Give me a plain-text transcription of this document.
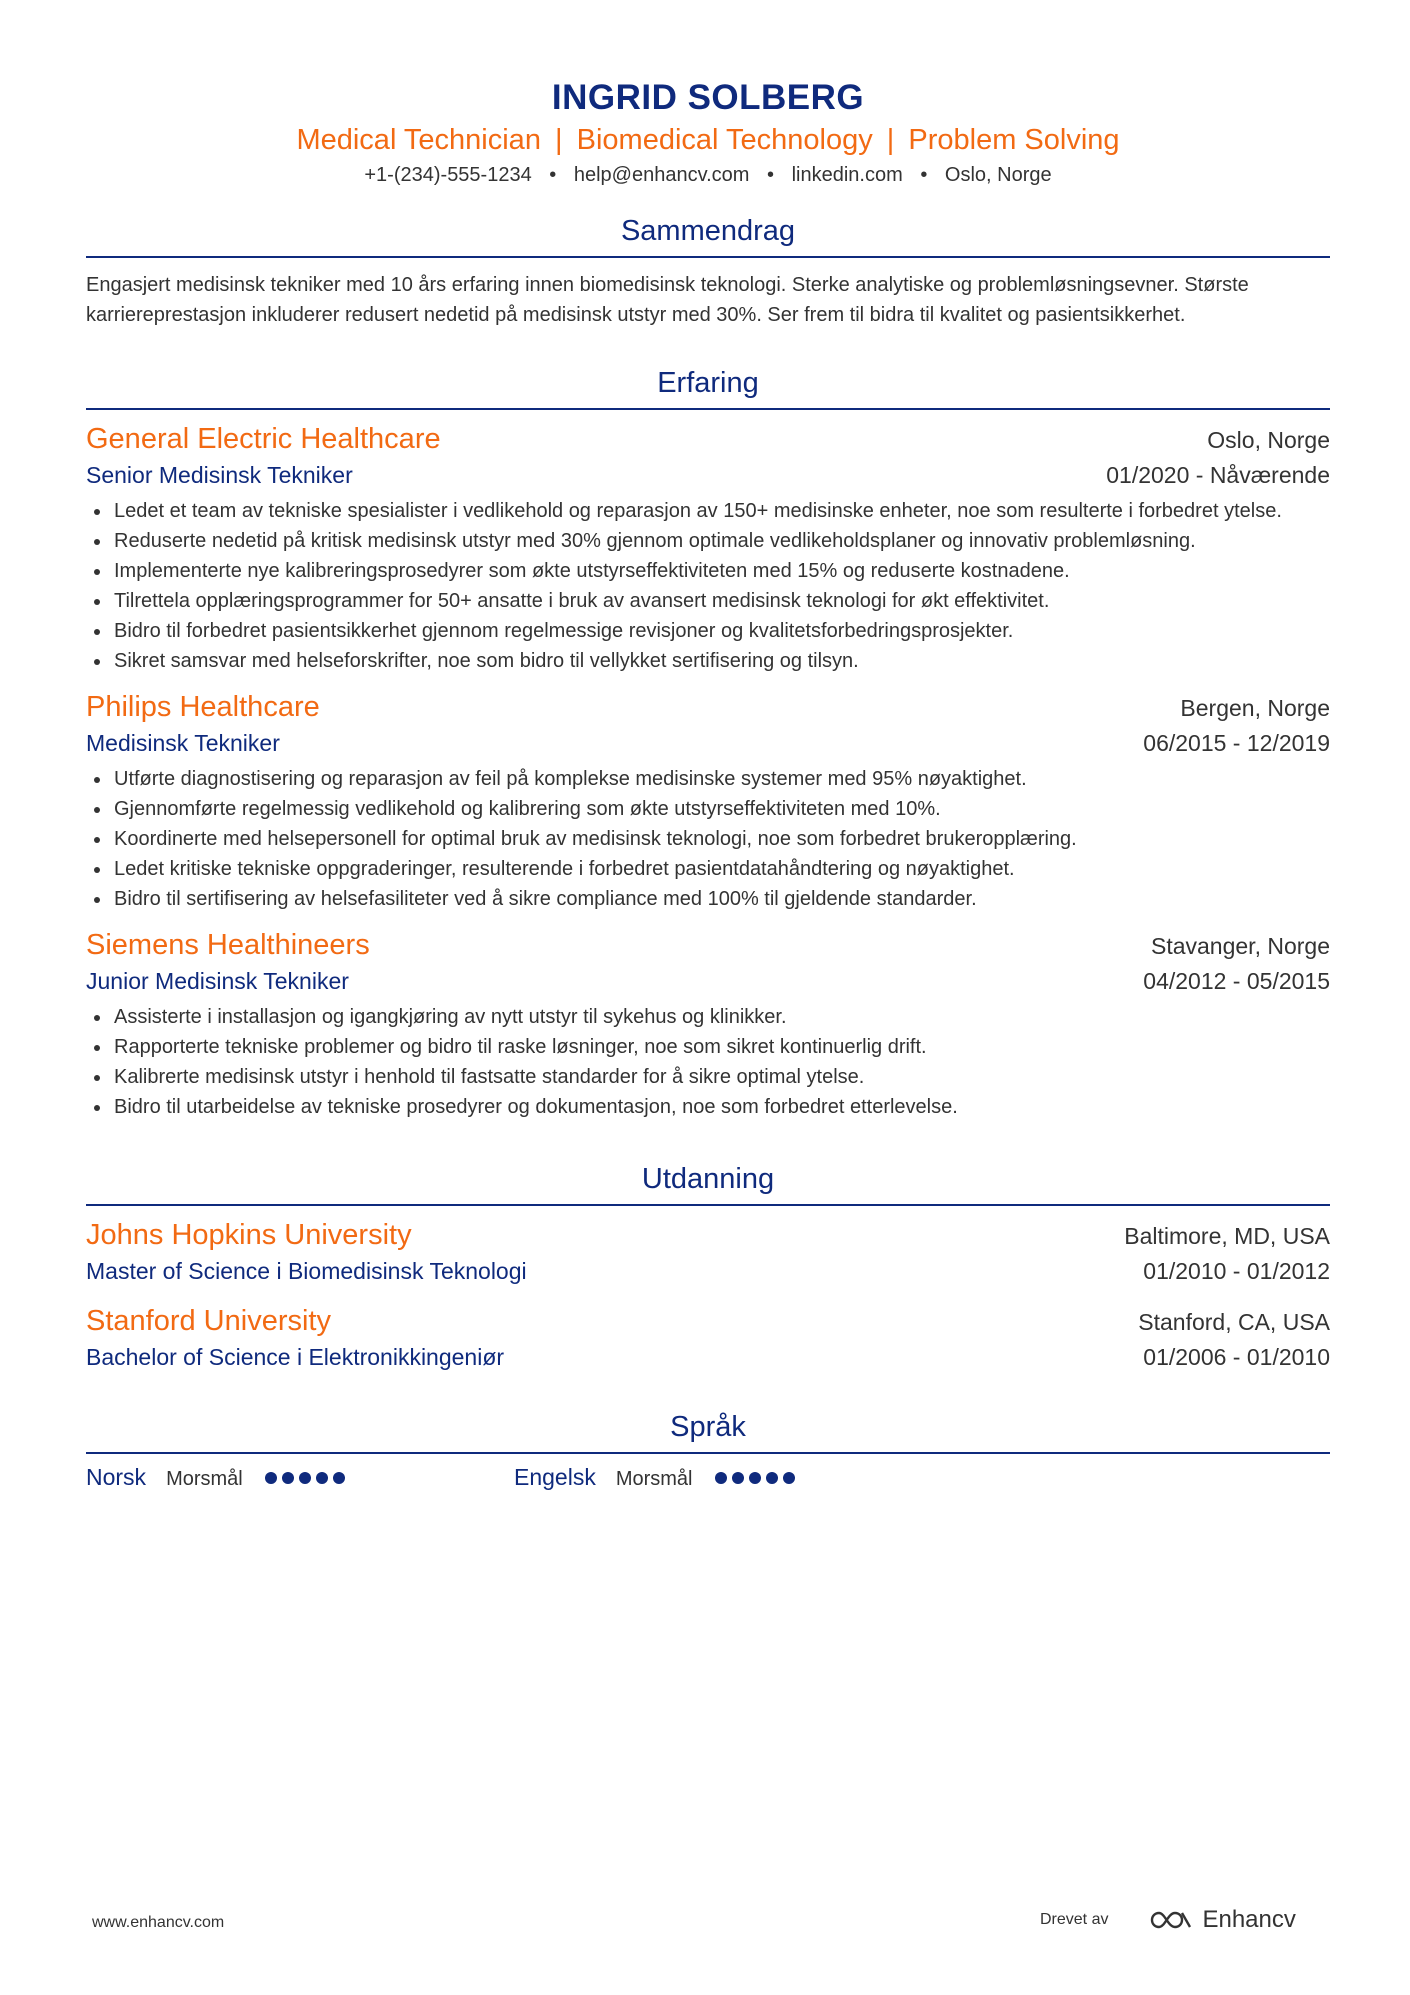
INGRID SOLBERG
Medical Technician | Biomedical Technology | Problem Solving
+1-(234)-555-1234 • help@enhancv.com • linkedin.com • Oslo, Norge
Sammendrag
Engasjert medisinsk tekniker med 10 års erfaring innen biomedisinsk teknologi. Sterke analytiske og problemløsningsevner. Største karriereprestasjon inkluderer redusert nedetid på medisinsk utstyr med 30%. Ser frem til bidra til kvalitet og pasientsikkerhet.
Erfaring
General Electric Healthcare	Oslo, Norge
Senior Medisinsk Tekniker	01/2020 - Nåværende
Ledet et team av tekniske spesialister i vedlikehold og reparasjon av 150+ medisinske enheter, noe som resulterte i forbedret ytelse.
Reduserte nedetid på kritisk medisinsk utstyr med 30% gjennom optimale vedlikeholdsplaner og innovativ problemløsning.
Implementerte nye kalibreringsprosedyrer som økte utstyrseffektiviteten med 15% og reduserte kostnadene.
Tilrettela opplæringsprogrammer for 50+ ansatte i bruk av avansert medisinsk teknologi for økt effektivitet.
Bidro til forbedret pasientsikkerhet gjennom regelmessige revisjoner og kvalitetsforbedringsprosjekter.
Sikret samsvar med helseforskrifter, noe som bidro til vellykket sertifisering og tilsyn.
Philips Healthcare	Bergen, Norge
Medisinsk Tekniker	06/2015 - 12/2019
Utførte diagnostisering og reparasjon av feil på komplekse medisinske systemer med 95% nøyaktighet.
Gjennomførte regelmessig vedlikehold og kalibrering som økte utstyrseffektiviteten med 10%.
Koordinerte med helsepersonell for optimal bruk av medisinsk teknologi, noe som forbedret brukeropplæring.
Ledet kritiske tekniske oppgraderinger, resulterende i forbedret pasientdatahåndtering og nøyaktighet.
Bidro til sertifisering av helsefasiliteter ved å sikre compliance med 100% til gjeldende standarder.
Siemens Healthineers	Stavanger, Norge
Junior Medisinsk Tekniker	04/2012 - 05/2015
Assisterte i installasjon og igangkjøring av nytt utstyr til sykehus og klinikker.
Rapporterte tekniske problemer og bidro til raske løsninger, noe som sikret kontinuerlig drift.
Kalibrerte medisinsk utstyr i henhold til fastsatte standarder for å sikre optimal ytelse.
Bidro til utarbeidelse av tekniske prosedyrer og dokumentasjon, noe som forbedret etterlevelse.
Utdanning
Johns Hopkins University	Baltimore, MD, USA
Master of Science i Biomedisinsk Teknologi	01/2010 - 01/2012
Stanford University	Stanford, CA, USA
Bachelor of Science i Elektronikkingeniør	01/2006 - 01/2010
Språk
Norsk Morsmål	Engelsk Morsmål
www.enhancv.com	Drevet av	Enhancv
